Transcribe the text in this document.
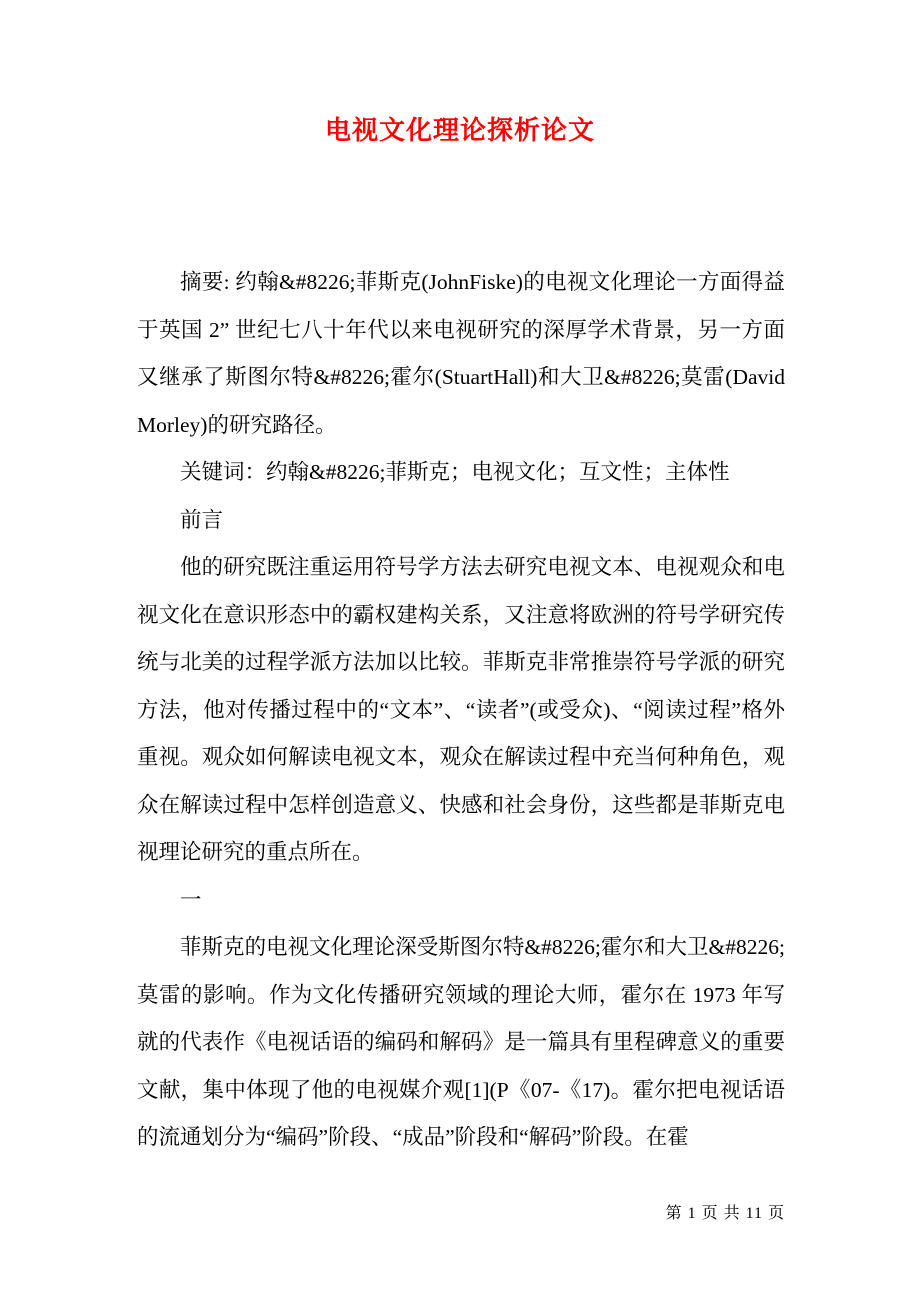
电视文化理论探析论文

摘要: 约翰&#8226;菲斯克(JohnFiske)的电视文化理论一方面得益于英国 2” 世纪七八十年代以来电视研究的深厚学术背景，另一方面又继承了斯图尔特&#8226;霍尔(StuartHall)和大卫&#8226;莫雷(DavidMorley)的研究路径。

关键词：约翰&#8226;菲斯克；电视文化；互文性；主体性

前言

他的研究既注重运用符号学方法去研究电视文本、电视观众和电视文化在意识形态中的霸权建构关系，又注意将欧洲的符号学研究传统与北美的过程学派方法加以比较。菲斯克非常推崇符号学派的研究方法，他对传播过程中的“文本”、“读者”(或受众)、“阅读过程”格外重视。观众如何解读电视文本，观众在解读过程中充当何种角色，观众在解读过程中怎样创造意义、快感和社会身份，这些都是菲斯克电视理论研究的重点所在。

一

菲斯克的电视文化理论深受斯图尔特&#8226;霍尔和大卫&#8226;莫雷的影响。作为文化传播研究领域的理论大师，霍尔在 1973 年写就的代表作《电视话语的编码和解码》是一篇具有里程碑意义的重要文献，集中体现了他的电视媒介观[1](P《07-《17)。霍尔把电视话语的流通划分为“编码”阶段、“成品”阶段和“解码”阶段。在霍

第 1 页 共 11 页
